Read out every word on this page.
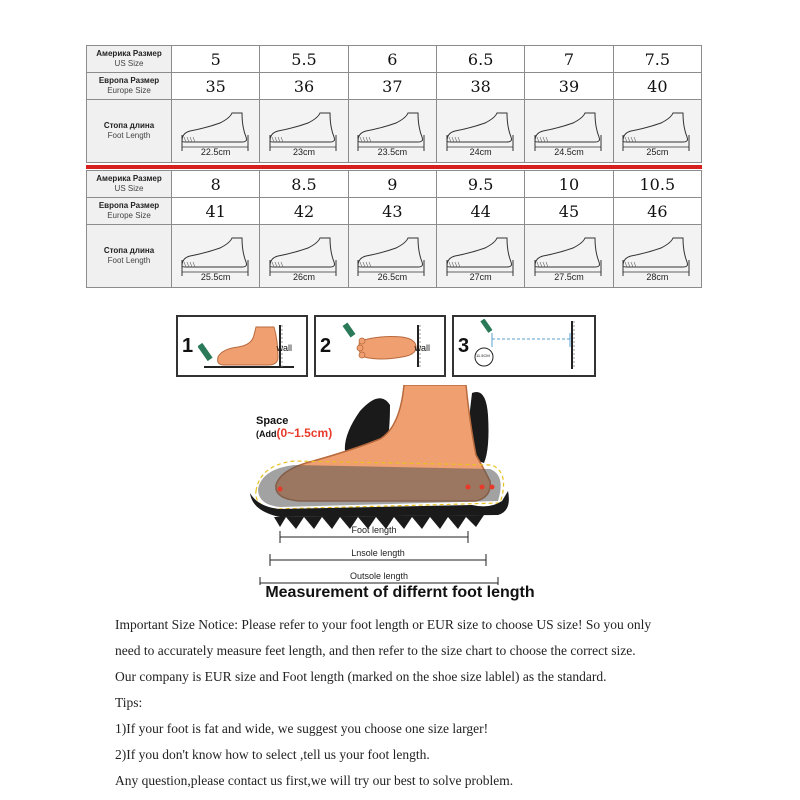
Америка Размер
US Size	5	5.5	6	6.5	7	7.5

Европа Размер
Europe Size	35	36	37	38	39	40

Стопа длина
Foot Length	22.5cm	23cm	23.5cm	24cm	24.5cm	25cm
Америка Размер
US Size	8	8.5	9	9.5	10	10.5

Европа Размер
Europe Size	41	42	43	44	45	46

Стопа длина
Foot Length	25.5cm	26cm	26.5cm	27cm	27.5cm	28cm
1	wall 2	wall 3 11.5CM
Foot length
Lnsole length
Outsole length
Space
(Add(0~1.5cm)
Measurement of differnt foot length

Important Size Notice: Please refer to your foot length or EUR size to choose US size! So you only

need to accurately measure feet length, and then refer to the size chart to choose the correct size.

Our company is EUR size and Foot length (marked on the shoe size lablel) as the standard.

Tips:

1)If your foot is fat and wide, we suggest you choose one size larger!

2)If you don't know how to select ,tell us your foot length.

Any question,please contact us first,we will try our best to solve problem.
